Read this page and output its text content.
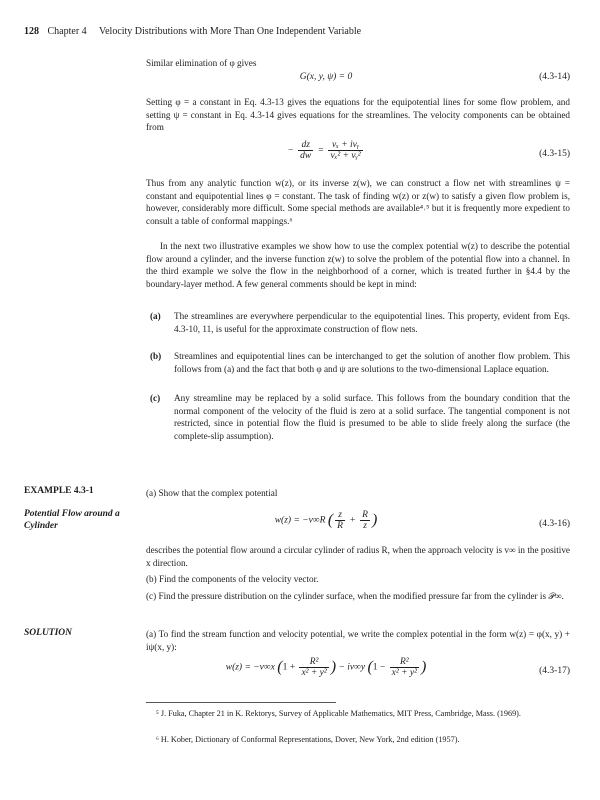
128 Chapter 4 Velocity Distributions with More Than One Independent Variable
Similar elimination of φ gives
G(x, y, ψ) = 0	(4.3-14)
Setting φ = a constant in Eq. 4.3-13 gives the equations for the equipotential lines for some flow problem, and setting ψ = constant in Eq. 4.3-14 gives equations for the streamlines. The velocity components can be obtained from
− $\frac{dz}{dw} = \frac{\text{vₓ + ivᵧ}}{\text{vₓ² + vᵧ²}}$	(4.3-15)
Thus from any analytic function w(z), or its inverse z(w), we can construct a flow net with streamlines ψ = constant and equipotential lines φ = constant. The task of finding w(z) or z(w) to satisfy a given flow problem is, however, considerably more difficult. Some special methods are available⁴˒⁵ but it is frequently more expedient to consult a table of conformal mappings.⁶
In the next two illustrative examples we show how to use the complex potential w(z) to describe the potential flow around a cylinder, and the inverse function z(w) to solve the problem of the potential flow into a channel. In the third example we solve the flow in the neighborhood of a corner, which is treated further in §4.4 by the boundary-layer method. A few general comments should be kept in mind:
(a) The streamlines are everywhere perpendicular to the equipotential lines. This property, evident from Eqs. 4.3-10, 11, is useful for the approximate construction of flow nets.
(b) Streamlines and equipotential lines can be interchanged to get the solution of another flow problem. This follows from (a) and the fact that both φ and ψ are solutions to the two-dimensional Laplace equation.
(c) Any streamline may be replaced by a solid surface. This follows from the boundary condition that the normal component of the velocity of the fluid is zero at a solid surface. The tangential component is not restricted, since in potential flow the fluid is presumed to be able to slide freely along the surface (the complete-slip assumption).
EXAMPLE 4.3-1
Potential Flow around a Cylinder
(a) Show that the complex potential
w(z) = −v∞R ( $\frac{z}{R} + \frac{R}{z}$ )	(4.3-16)
describes the potential flow around a circular cylinder of radius R, when the approach velocity is v∞ in the positive x direction.
(b) Find the components of the velocity vector.
(c) Find the pressure distribution on the cylinder surface, when the modified pressure far from the cylinder is 𝒫∞.
SOLUTION	(a) To find the stream function and velocity potential, we write the complex potential in the form w(z) = φ(x, y) + iψ(x, y):
w(z) = −v∞x ($1 + \frac{\text{R²}}{\text{x² + y²}}$ ) − iv∞y ($1 - \frac{\text{R²}}{\text{x² + y²}}$ )	(4.3-17)
⁵ J. Fuka, Chapter 21 in K. Rektorys, Survey of Applicable Mathematics, MIT Press, Cambridge, Mass. (1969).
⁶ H. Kober, Dictionary of Conformal Representations, Dover, New York, 2nd edition (1957).
